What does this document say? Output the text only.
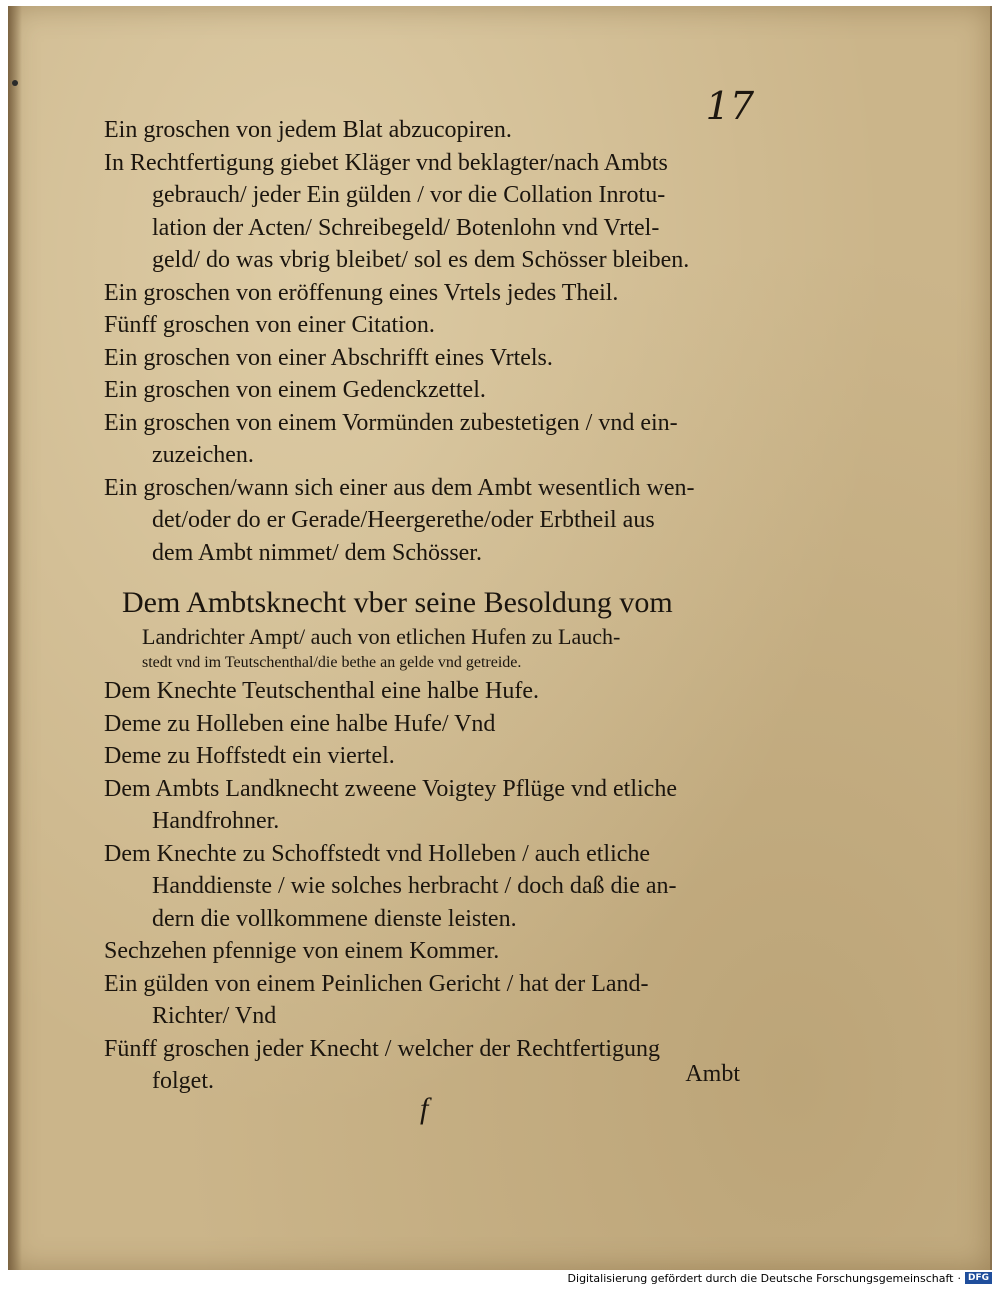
17
Ein groschen von jedem Blat abzucopiren.
In Rechtfertigung giebet Kläger vnd beklagter/nach Ambts
gebrauch/ jeder Ein gülden / vor die Collation Inrotu-
lation der Acten/ Schreibegeld/ Botenlohn vnd Vrtel-
geld/ do was vbrig bleibet/ sol es dem Schösser bleiben.
Ein groschen von eröffenung eines Vrtels jedes Theil.
Fünff groschen von einer Citation.
Ein groschen von einer Abschrifft eines Vrtels.
Ein groschen von einem Gedenckzettel.
Ein groschen von einem Vormünden zubestetigen / vnd ein-
zuzeichen.
Ein groschen/wann sich einer aus dem Ambt wesentlich wen-
det/oder do er Gerade/Heergerethe/oder Erbtheil aus
dem Ambt nimmet/ dem Schösser.
Dem Ambtsknecht vber seine Besoldung vom
Landrichter Ampt/ auch von etlichen Hufen zu Lauch-
stedt vnd im Teutschenthal/die bethe an gelde vnd getreide.
Dem Knechte Teutschenthal eine halbe Hufe.
Deme zu Holleben eine halbe Hufe/ Vnd
Deme zu Hoffstedt ein viertel.
Dem Ambts Landknecht zweene Voigtey Pflüge vnd etliche
Handfrohner.
Dem Knechte zu Schoffstedt vnd Holleben / auch etliche
Handdienste / wie solches herbracht / doch daß die an-
dern die vollkommene dienste leisten.
Sechzehen pfennige von einem Kommer.
Ein gülden von einem Peinlichen Gericht / hat der Land-
Richter/ Vnd
Fünff groschen jeder Knecht / welcher der Rechtfertigung
folget.	Ambt
f
Digitalisierung gefördert durch die Deutsche Forschungsgemeinschaft · DFG
